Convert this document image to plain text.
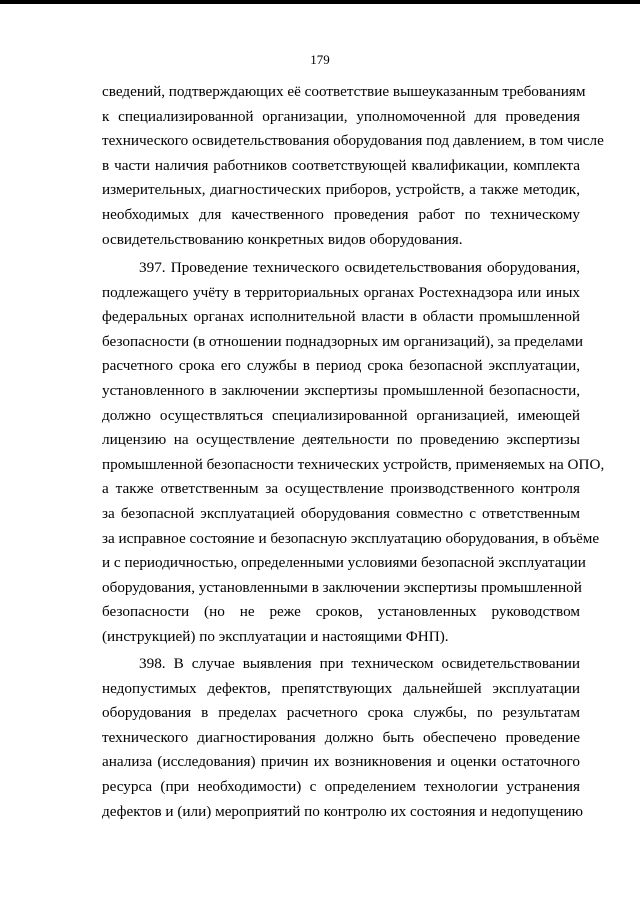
179
сведений, подтверждающих её соответствие вышеуказанным требованиям
к специализированной организации, уполномоченной для проведения
технического освидетельствования оборудования под давлением, в том числе
в части наличия работников соответствующей квалификации, комплекта
измерительных, диагностических приборов, устройств, а также методик,
необходимых для качественного проведения работ по техническому
освидетельствованию конкретных видов оборудования.
397. Проведение технического освидетельствования оборудования,
подлежащего учёту в территориальных органах Ростехнадзора или иных
федеральных органах исполнительной власти в области промышленной
безопасности (в отношении поднадзорных им организаций), за пределами
расчетного срока его службы в период срока безопасной эксплуатации,
установленного в заключении экспертизы промышленной безопасности,
должно осуществляться специализированной организацией, имеющей
лицензию на осуществление деятельности по проведению экспертизы
промышленной безопасности технических устройств, применяемых на ОПО,
а также ответственным за осуществление производственного контроля
за безопасной эксплуатацией оборудования совместно с ответственным
за исправное состояние и безопасную эксплуатацию оборудования, в объёме
и с периодичностью, определенными условиями безопасной эксплуатации
оборудования, установленными в заключении экспертизы промышленной
безопасности (но не реже сроков, установленных руководством
(инструкцией) по эксплуатации и настоящими ФНП).
398. В случае выявления при техническом освидетельствовании
недопустимых дефектов, препятствующих дальнейшей эксплуатации
оборудования в пределах расчетного срока службы, по результатам
технического диагностирования должно быть обеспечено проведение
анализа (исследования) причин их возникновения и оценки остаточного
ресурса (при необходимости) с определением технологии устранения
дефектов и (или) мероприятий по контролю их состояния и недопущению
